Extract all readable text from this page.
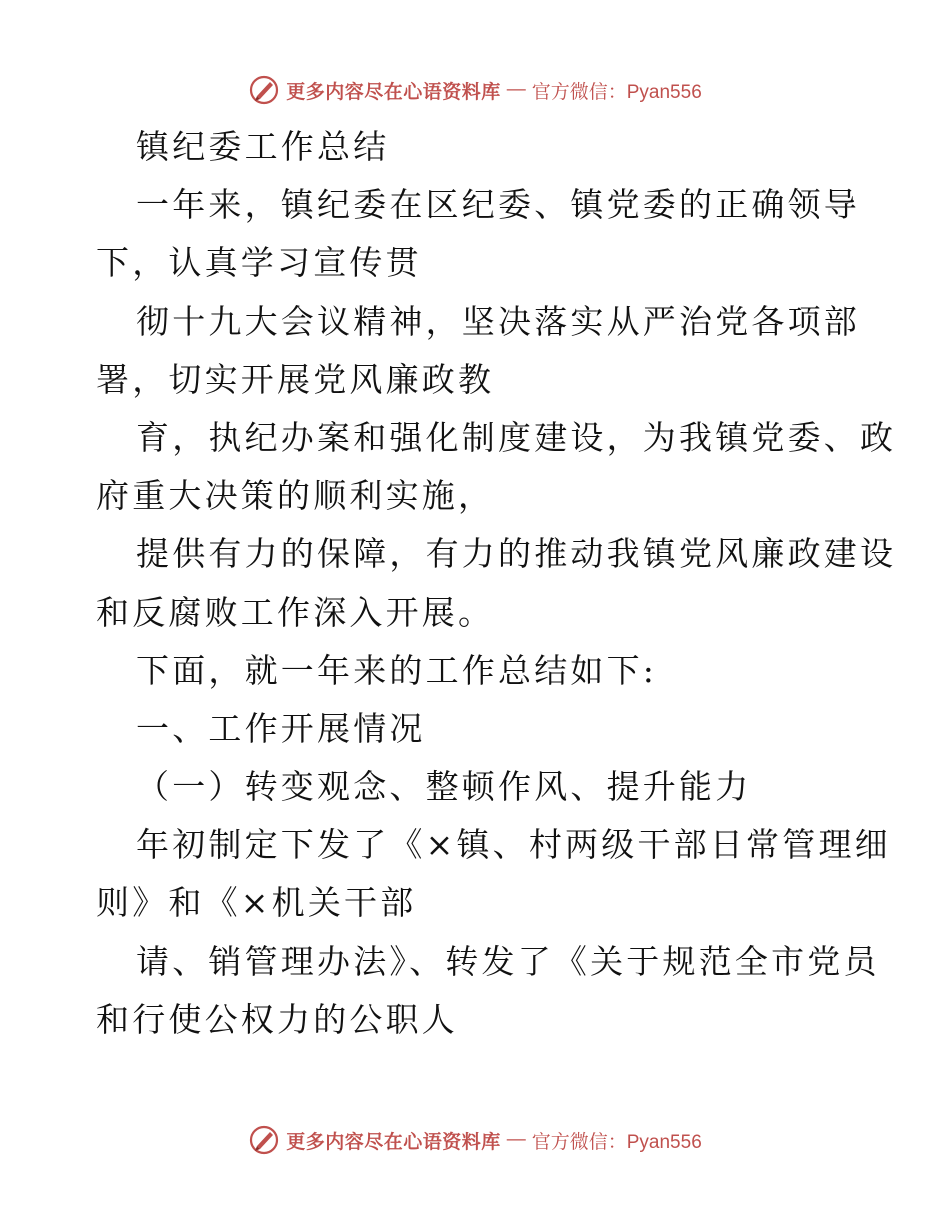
更多内容尽在心语资料库 — 官方微信：Pyan556
镇纪委工作总结
一年来，镇纪委在区纪委、镇党委的正确领导
下，认真学习宣传贯
彻十九大会议精神，坚决落实从严治党各项部
署，切实开展党风廉政教
育，执纪办案和强化制度建设，为我镇党委、政
府重大决策的顺利实施，
提供有力的保障，有力的推动我镇党风廉政建设
和反腐败工作深入开展。
下面，就一年来的工作总结如下:
一、工作开展情况
（一）转变观念、整顿作风、提升能力
年初制定下发了《×镇、村两级干部日常管理细
则》和《×机关干部
请、销管理办法》、转发了《关于规范全市党员
和行使公权力的公职人
更多内容尽在心语资料库 — 官方微信：Pyan556
